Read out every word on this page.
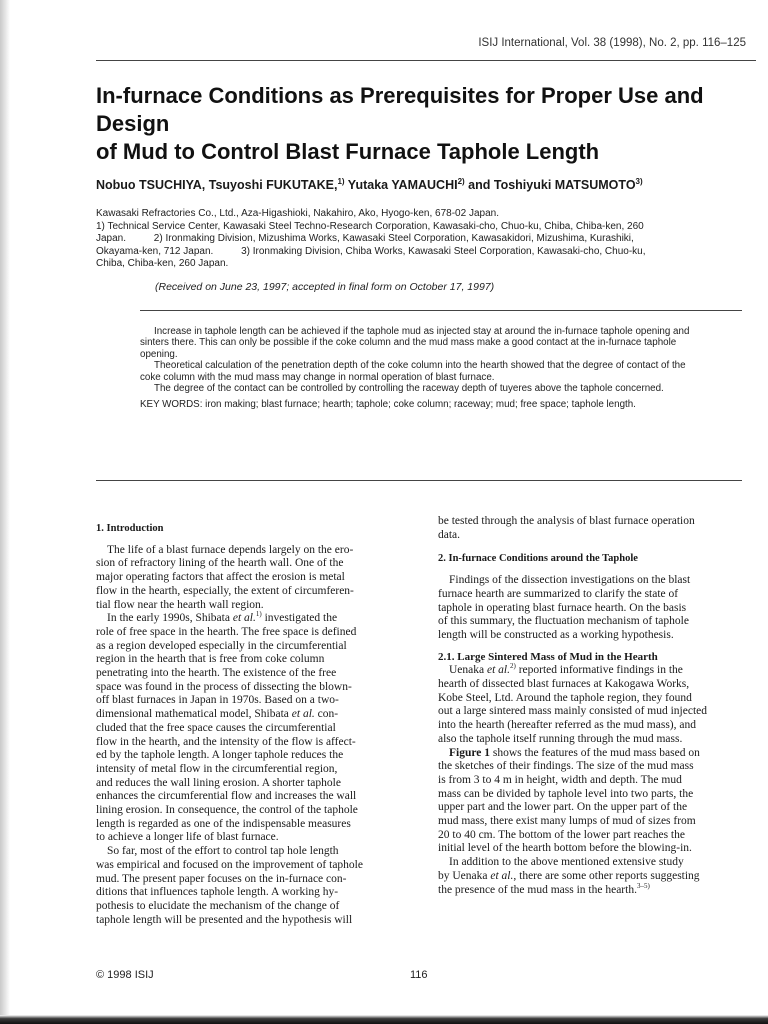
ISIJ International, Vol. 38 (1998), No. 2, pp. 116–125
In-furnace Conditions as Prerequisites for Proper Use and Design
of Mud to Control Blast Furnace Taphole Length
Nobuo TSUCHIYA, Tsuyoshi FUKUTAKE,$^{1)}$ Yutaka YAMAUCHI$^{2)}$ and Toshiyuki MATSUMOTO$^{3)}$
Kawasaki Refractories Co., Ltd., Aza-Higashioki, Nakahiro, Ako, Hyogo-ken, 678-02 Japan.
1) Technical Service Center, Kawasaki Steel Techno-Research Corporation, Kawasaki-cho, Chuo-ku, Chiba, Chiba-ken, 260
Japan.          2) Ironmaking Division, Mizushima Works, Kawasaki Steel Corporation, Kawasakidori, Mizushima, Kurashiki,
Okayama-ken, 712 Japan.          3) Ironmaking Division, Chiba Works, Kawasaki Steel Corporation, Kawasaki-cho, Chuo-ku,
Chiba, Chiba-ken, 260 Japan.
(Received on June 23, 1997; accepted in final form on October 17, 1997)

Increase in taphole length can be achieved if the taphole mud as injected stay at around the in-furnace taphole opening and sinters there. This can only be possible if the coke column and the mud mass make a good contact at the in-furnace taphole opening.

Theoretical calculation of the penetration depth of the coke column into the hearth showed that the degree of contact of the coke column with the mud mass may change in normal operation of blast furnace.

The degree of the contact can be controlled by controlling the raceway depth of tuyeres above the taphole concerned.

KEY WORDS: iron making; blast furnace; hearth; taphole; coke column; raceway; mud; free space; taphole length.

1. Introduction
The life of a blast furnace depends largely on the ero-
sion of refractory lining of the hearth wall. One of the
major operating factors that affect the erosion is metal
flow in the hearth, especially, the extent of circumferen-
tial flow near the hearth wall region.
In the early 1990s, Shibata et al.$^{1)}$ investigated the
role of free space in the hearth. The free space is defined
as a region developed especially in the circumferential
region in the hearth that is free from coke column
penetrating into the hearth. The existence of the free
space was found in the process of dissecting the blown-
off blast furnaces in Japan in 1970s. Based on a two-
dimensional mathematical model, Shibata et al. con-
cluded that the free space causes the circumferential
flow in the hearth, and the intensity of the flow is affect-
ed by the taphole length. A longer taphole reduces the
intensity of metal flow in the circumferential region,
and reduces the wall lining erosion. A shorter taphole
enhances the circumferential flow and increases the wall
lining erosion. In consequence, the control of the taphole
length is regarded as one of the indispensable measures
to achieve a longer life of blast furnace.
So far, most of the effort to control tap hole length
was empirical and focused on the improvement of taphole
mud. The present paper focuses on the in-furnace con-
ditions that influences taphole length. A working hy-
pothesis to elucidate the mechanism of the change of
taphole length will be presented and the hypothesis will
be tested through the analysis of blast furnace operation
data.
2. In-furnace Conditions around the Taphole
Findings of the dissection investigations on the blast
furnace hearth are summarized to clarify the state of
taphole in operating blast furnace hearth. On the basis
of this summary, the fluctuation mechanism of taphole
length will be constructed as a working hypothesis.
2.1. Large Sintered Mass of Mud in the Hearth
Uenaka et al.$^{2)}$ reported informative findings in the
hearth of dissected blast furnaces at Kakogawa Works,
Kobe Steel, Ltd. Around the taphole region, they found
out a large sintered mass mainly consisted of mud injected
into the hearth (hereafter referred as the mud mass), and
also the taphole itself running through the mud mass.
Figure 1 shows the features of the mud mass based on
the sketches of their findings. The size of the mud mass
is from 3 to 4 m in height, width and depth. The mud
mass can be divided by taphole level into two parts, the
upper part and the lower part. On the upper part of the
mud mass, there exist many lumps of mud of sizes from
20 to 40 cm. The bottom of the lower part reaches the
initial level of the hearth bottom before the blowing-in.
In addition to the above mentioned extensive study
by Uenaka et al., there are some other reports suggesting
the presence of the mud mass in the hearth.$^{3-5)}$
© 1998 ISIJ	116
